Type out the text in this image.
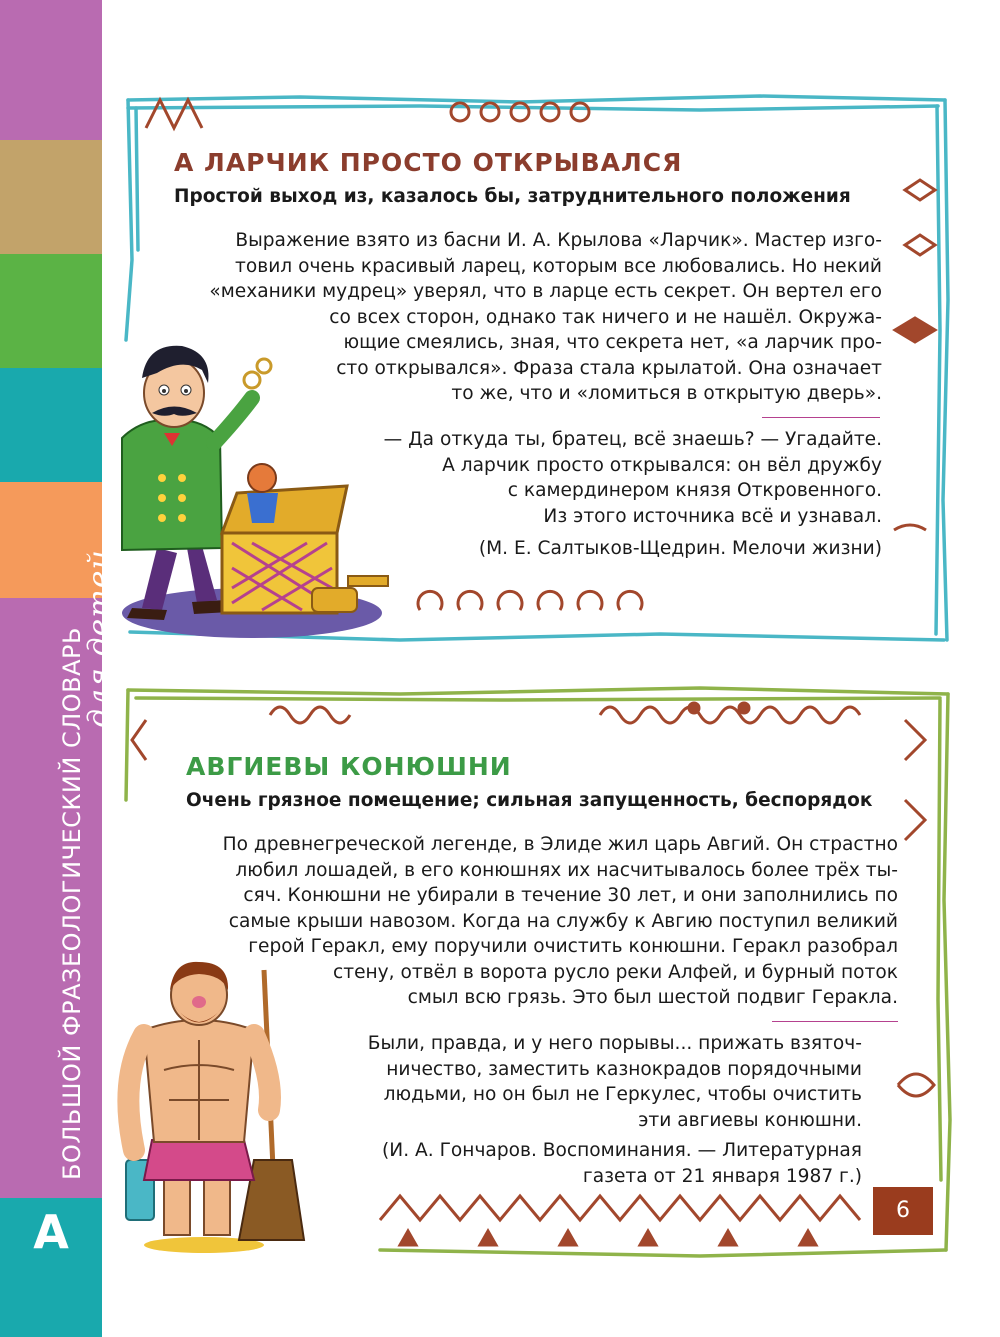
БОЛЬШОЙ ФРАЗЕОЛОГИЧЕСКИЙ СЛОВАРЬ
для детей
А
А ЛАРЧИК ПРОСТО ОТКРЫВАЛСЯ
Простой выход из, казалось бы, затруднительного положения
Выражение взято из басни И. А. Крылова «Ларчик». Мастер изго-
товил очень красивый ларец, которым все любовались. Но некий
«механики мудрец» уверял, что в ларце есть секрет. Он вертел его
со всех сторон, однако так ничего и не нашёл. Окружа-
ющие смеялись, зная, что секрета нет, «а ларчик про-
сто открывался». Фраза стала крылатой. Она означает
то же, что и «ломиться в открытую дверь».
— Да откуда ты, братец, всё знаешь? — Угадайте.
А ларчик просто открывался: он вёл дружбу
с камердинером князя Откровенного.
Из этого источника всё и узнавал.
(М. Е. Салтыков-Щедрин. Мелочи жизни)
АВГИЕВЫ КОНЮШНИ
Очень грязное помещение; сильная запущенность, беспорядок
По древнегреческой легенде, в Элиде жил царь Авгий. Он страстно
любил лошадей, в его конюшнях их насчитывалось более трёх ты-
сяч. Конюшни не убирали в течение 30 лет, и они заполнились по
самые крыши навозом. Когда на службу к Авгию поступил великий
герой Геракл, ему поручили очистить конюшни. Геракл разобрал
стену, отвёл в ворота русло реки Алфей, и бурный поток
смыл всю грязь. Это был шестой подвиг Геракла.
Были, правда, и у него порывы... прижать взяточ-
ничество, заместить казнокрадов порядочными
людьми, но он был не Геркулес, чтобы очистить
эти авгиевы конюшни.
(И. А. Гончаров. Воспоминания. — Литературная
газета от 21 января 1987 г.)
6
